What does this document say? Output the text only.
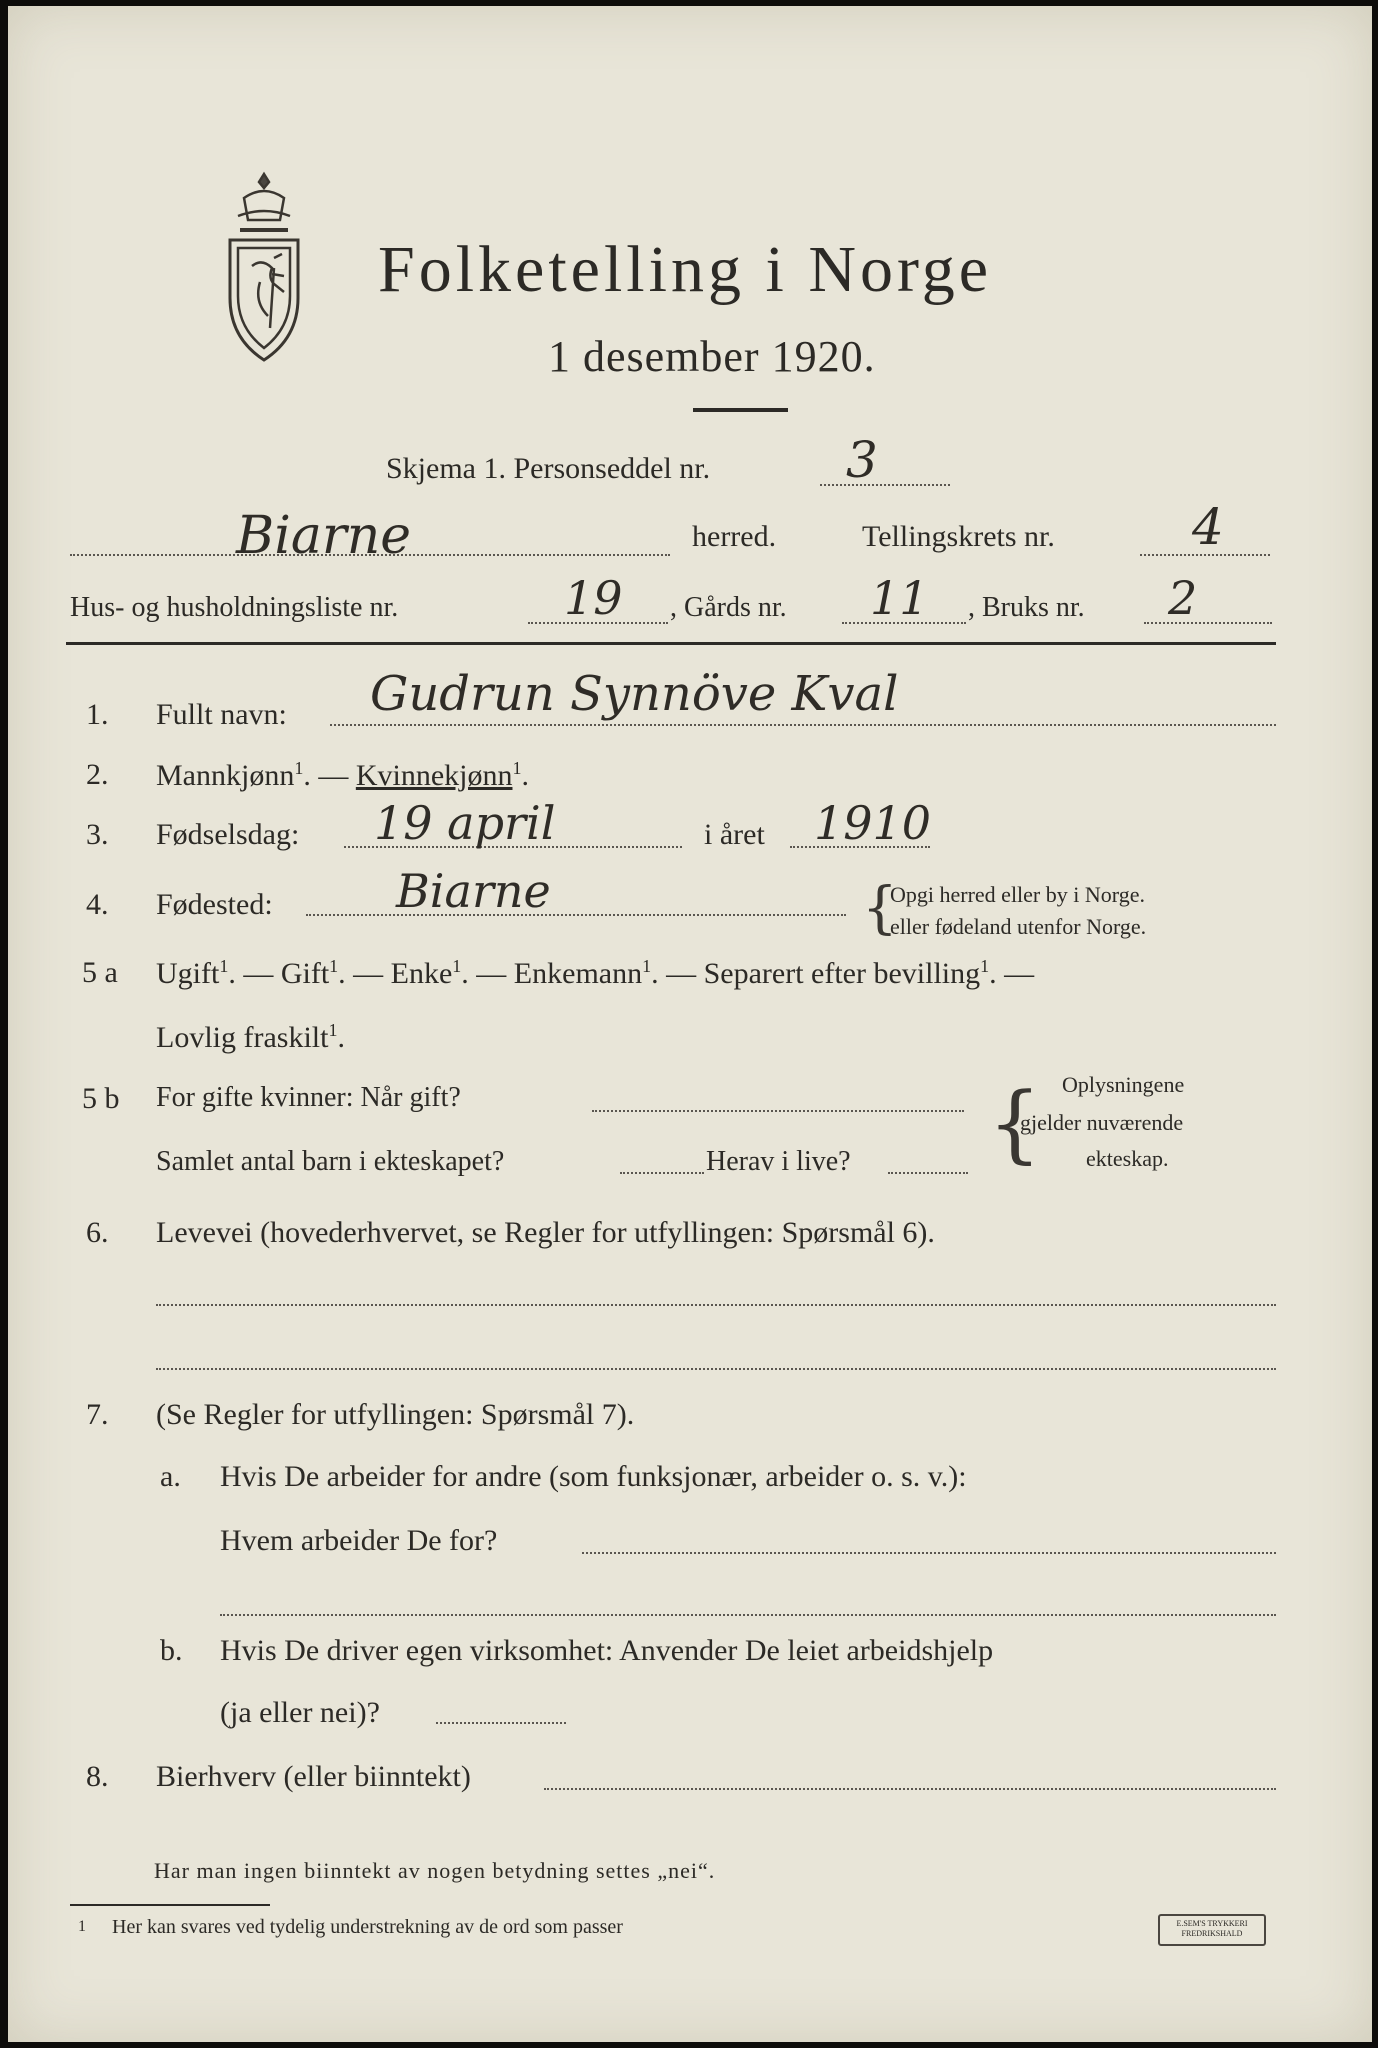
Folketelling i Norge
1 desember 1920.
Skjema 1. Personseddel nr.	3
Biarne	herred.	Tellingskrets nr.	4
Hus- og husholdningsliste nr.	19 , Gårds nr. 11 , Bruks nr. 2
1. Fullt navn: Gudrun Synnöve Kval
2. Mannkjønn$^1$. — Kvinnekjønn$^1$.
3. Fødselsdag: 19 april	i året 1910
4. Fødested:	Biarne	{
Opgi herred eller by i Norge.
eller fødeland utenfor Norge.
5 a Ugift$^1$. — Gift$^1$. — Enke$^1$. — Enkemann$^1$. — Separert efter bevilling$^1$. —
Lovlig fraskilt$^1$.
5 b For gifte kvinner: Når gift?
Samlet antal barn i ekteskapet?	Herav i live? { Oplysningene
gjelder nuværende
ekteskap.
6. Levevei (hovederhvervet, se Regler for utfyllingen: Spørsmål 6).
7. (Se Regler for utfyllingen: Spørsmål 7).
a. Hvis De arbeider for andre (som funksjonær, arbeider o. s. v.):
Hvem arbeider De for?
b. Hvis De driver egen virksomhet: Anvender De leiet arbeidshjelp
(ja eller nei)?
8. Bierhverv (eller biinntekt)
Har man ingen biinntekt av nogen betydning settes „nei“.
1 Her kan svares ved tydelig understrekning av de ord som passer	E.SEM'S TRYKKERI FREDRIKSHALD
